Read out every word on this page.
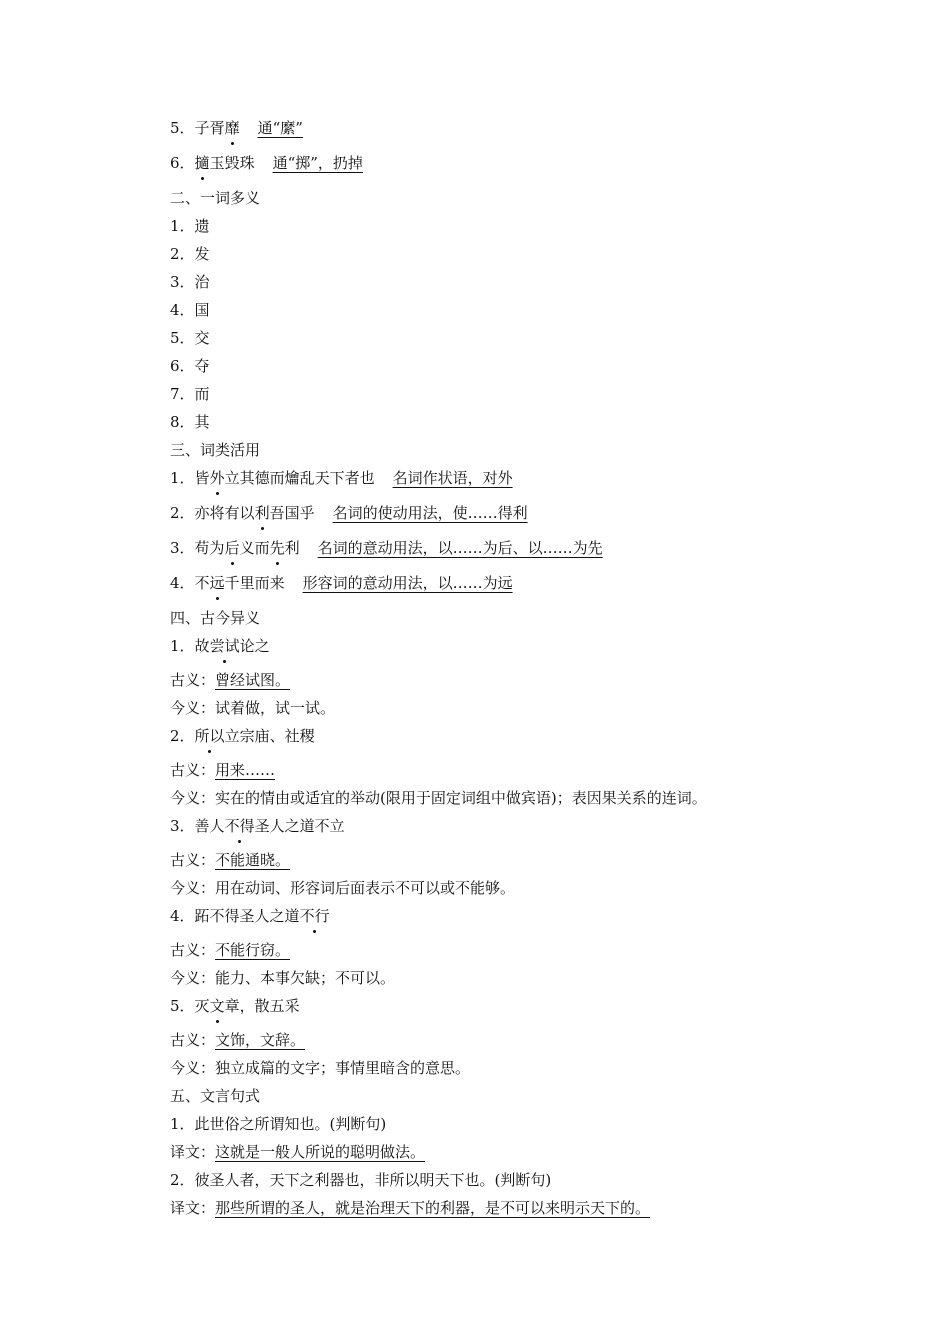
5．子胥靡 通“縻”
6．擿玉毁珠 通“掷”，扔掉
二、一词多义
1．遗
2．发
3．治
4．国
5．交
6．夺
7．而
8．其
三、词类活用
1．皆外立其德而爚乱天下者也 名词作状语，对外
2．亦将有以利吾国乎 名词的使动用法，使……得利
3．苟为后义而先利 名词的意动用法，以……为后、以……为先
4．不远千里而来 形容词的意动用法，以……为远
四、古今异义
1．故尝试论之
古义：曾经试图。
今义：试着做，试一试。
2．所以立宗庙、社稷
古义：用来……
今义：实在的情由或适宜的举动(限用于固定词组中做宾语)；表因果关系的连词。
3．善人不得圣人之道不立
古义：不能通晓。
今义：用在动词、形容词后面表示不可以或不能够。
4．跖不得圣人之道不行
古义：不能行窃。
今义：能力、本事欠缺；不可以。
5．灭文章，散五采
古义：文饰，文辞。
今义：独立成篇的文字；事情里暗含的意思。
五、文言句式
1．此世俗之所谓知也。(判断句)
译文：这就是一般人所说的聪明做法。
2．彼圣人者，天下之利器也，非所以明天下也。(判断句)
译文：那些所谓的圣人，就是治理天下的利器，是不可以来明示天下的。
